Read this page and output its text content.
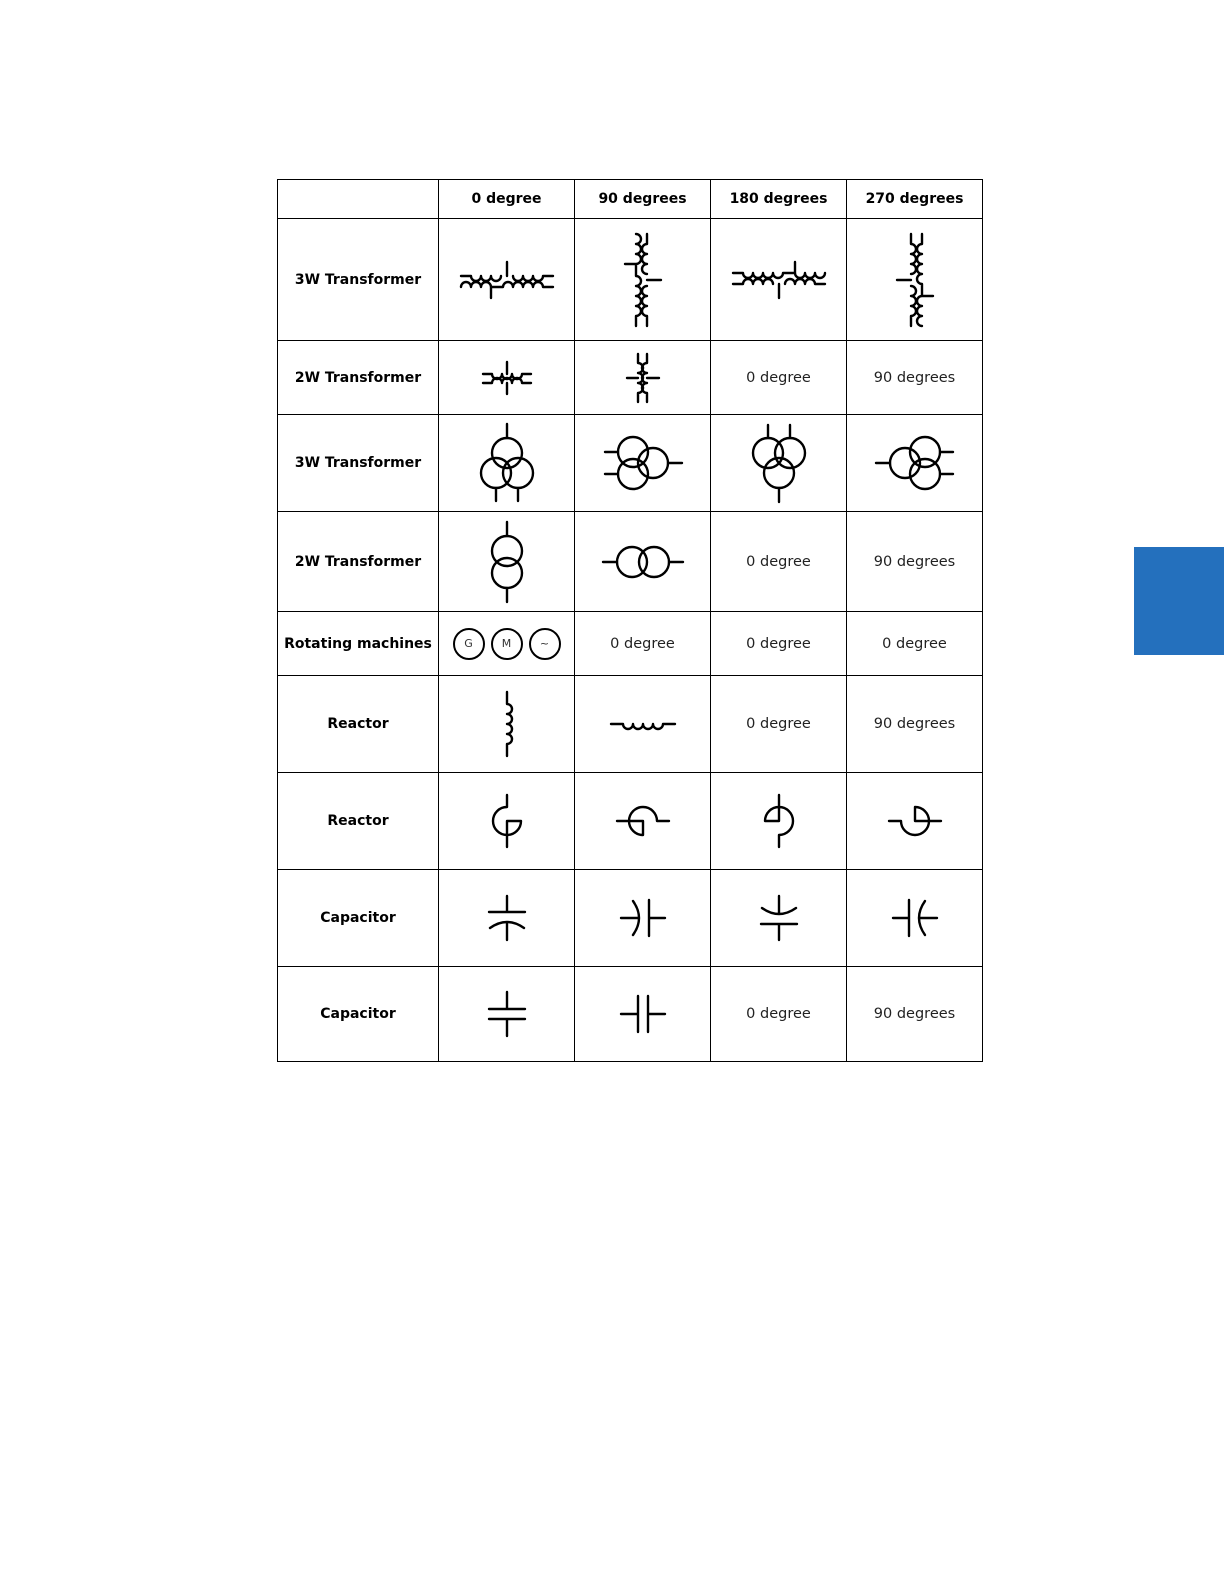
	0 degree	90 degrees	180 degrees	270 degrees
3W Transformer	

2W Transformer			0 degree	90 degrees
3W Transformer	

2W Transformer			0 degree	90 degrees
Rotating machines	G M ~	0 degree	0 degree	0 degree
Reactor			0 degree	90 degrees
Reactor	

Capacitor	

Capacitor			0 degree	90 degrees
